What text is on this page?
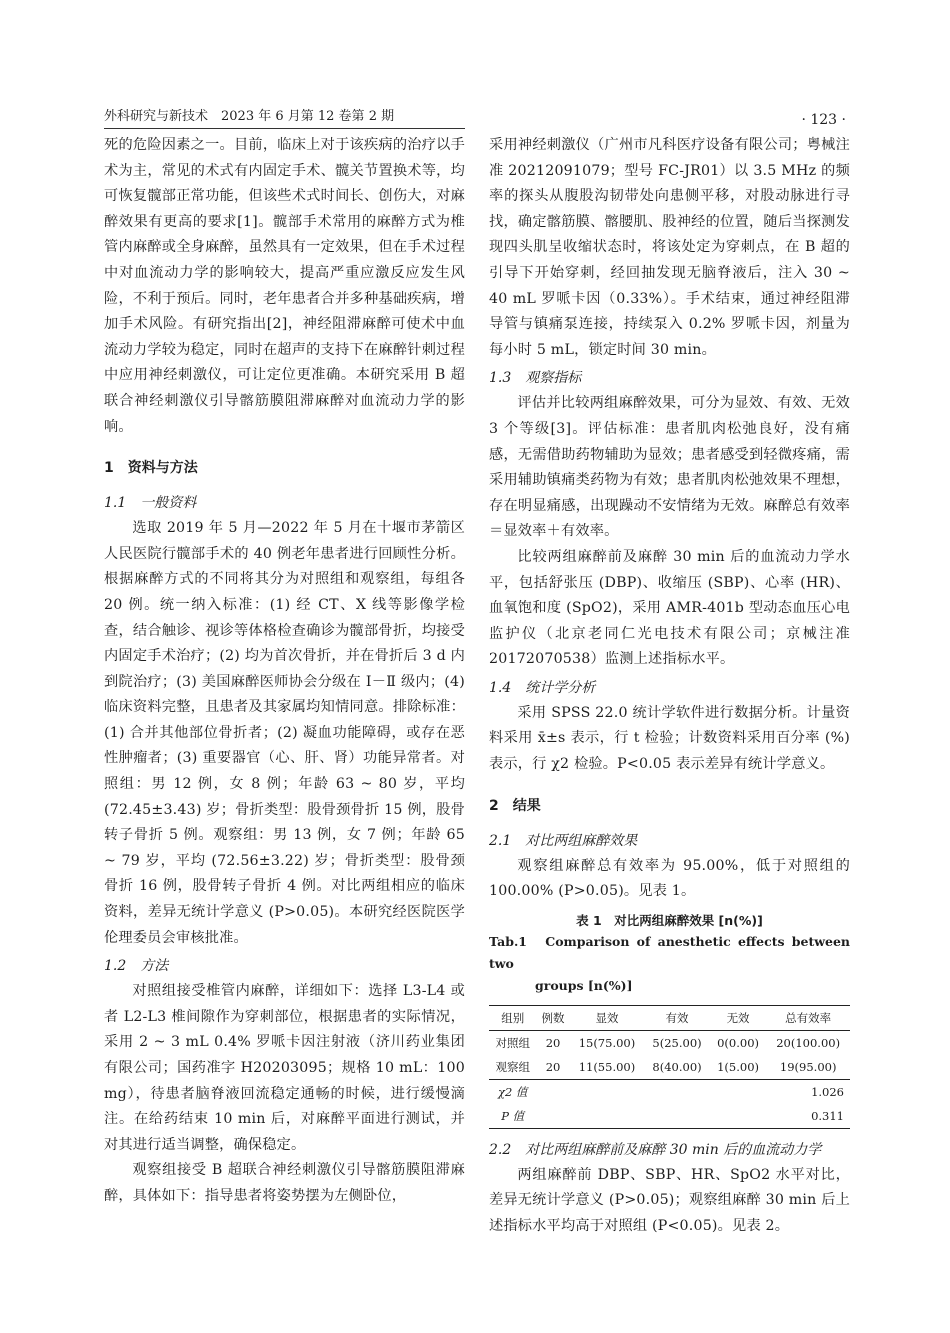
外科研究与新技术　2023 年 6 月第 12 卷第 2 期	· 123 ·

死的危险因素之一。目前，临床上对于该疾病的治疗以手术为主，常见的术式有内固定手术、髋关节置换术等，均可恢复髋部正常功能，但该些术式时间长、创伤大，对麻醉效果有更高的要求[1]。髋部手术常用的麻醉方式为椎管内麻醉或全身麻醉，虽然具有一定效果，但在手术过程中对血流动力学的影响较大，提高严重应激反应发生风险，不利于预后。同时，老年患者合并多种基础疾病，增加手术风险。有研究指出[2]，神经阻滞麻醉可使术中血流动力学较为稳定，同时在超声的支持下在麻醉针刺过程中应用神经刺激仪，可让定位更准确。本研究采用 B 超联合神经刺激仪引导髂筋膜阻滞麻醉对血流动力学的影响。

1　资料与方法
1.1　一般资料

选取 2019 年 5 月—2022 年 5 月在十堰市茅箭区人民医院行髋部手术的 40 例老年患者进行回顾性分析。根据麻醉方式的不同将其分为对照组和观察组，每组各 20 例。统一纳入标准：(1) 经 CT、X 线等影像学检查，结合触诊、视诊等体格检查确诊为髋部骨折，均接受内固定手术治疗；(2) 均为首次骨折，并在骨折后 3 d 内到院治疗；(3) 美国麻醉医师协会分级在 Ⅰ－Ⅱ 级内；(4) 临床资料完整，且患者及其家属均知情同意。排除标准：(1) 合并其他部位骨折者；(2) 凝血功能障碍，或存在恶性肿瘤者；(3) 重要器官（心、肝、肾）功能异常者。对照组：男 12 例，女 8 例；年龄 63 ~ 80 岁，平均 (72.45±3.43) 岁；骨折类型：股骨颈骨折 15 例，股骨转子骨折 5 例。观察组：男 13 例，女 7 例；年龄 65 ~ 79 岁，平均 (72.56±3.22) 岁；骨折类型：股骨颈骨折 16 例，股骨转子骨折 4 例。对比两组相应的临床资料，差异无统计学意义 (P>0.05)。本研究经医院医学伦理委员会审核批准。

1.2　方法

对照组接受椎管内麻醉，详细如下：选择 L3-L4 或者 L2-L3 椎间隙作为穿刺部位，根据患者的实际情况，采用 2 ~ 3 mL 0.4% 罗哌卡因注射液（济川药业集团有限公司；国药准字 H20203095；规格 10 mL：100 mg），待患者脑脊液回流稳定通畅的时候，进行缓慢滴注。在给药结束 10 min 后，对麻醉平面进行测试，并对其进行适当调整，确保稳定。

观察组接受 B 超联合神经刺激仪引导髂筋膜阻滞麻醉，具体如下：指导患者将姿势摆为左侧卧位，

采用神经刺激仪（广州市凡科医疗设备有限公司；粤械注准 20212091079；型号 FC-JR01）以 3.5 MHz 的频率的探头从腹股沟韧带处向患侧平移，对股动脉进行寻找，确定髂筋膜、髂腰肌、股神经的位置，随后当探测发现四头肌呈收缩状态时，将该处定为穿刺点，在 B 超的引导下开始穿刺，经回抽发现无脑脊液后，注入 30 ~ 40 mL 罗哌卡因（0.33%）。手术结束，通过神经阻滞导管与镇痛泵连接，持续泵入 0.2% 罗哌卡因，剂量为每小时 5 mL，锁定时间 30 min。

1.3　观察指标

评估并比较两组麻醉效果，可分为显效、有效、无效 3 个等级[3]。评估标准：患者肌肉松弛良好，没有痛感，无需借助药物辅助为显效；患者感受到轻微疼痛，需采用辅助镇痛类药物为有效；患者肌肉松弛效果不理想，存在明显痛感，出现躁动不安情绪为无效。麻醉总有效率＝显效率＋有效率。

比较两组麻醉前及麻醉 30 min 后的血流动力学水平，包括舒张压 (DBP)、收缩压 (SBP)、心率 (HR)、血氧饱和度 (SpO2)，采用 AMR-401b 型动态血压心电监护仪（北京老同仁光电技术有限公司；京械注准 20172070538）监测上述指标水平。

1.4　统计学分析

采用 SPSS 22.0 统计学软件进行数据分析。计量资料采用 x̄±s 表示，行 t 检验；计数资料采用百分率 (%) 表示，行 χ2 检验。P<0.05 表示差异有统计学意义。

2　结果
2.1　对比两组麻醉效果

观察组麻醉总有效率为 95.00%，低于对照组的 100.00% (P>0.05)。见表 1。

表 1　对比两组麻醉效果 [n(%)]
Tab.1　Comparison of anesthetic effects between two
groups [n(%)]
组别	例数	显效	有效	无效	总有效率
对照组	20	15(75.00)	5(25.00)	0(0.00)	20(100.00)
观察组	20	11(55.00)	8(40.00)	1(5.00)	19(95.00)
χ2 值					1.026
P 值					0.311
2.2　对比两组麻醉前及麻醉 30 min 后的血流动力学

两组麻醉前 DBP、SBP、HR、SpO2 水平对比，差异无统计学意义 (P>0.05)；观察组麻醉 30 min 后上述指标水平均高于对照组 (P<0.05)。见表 2。
